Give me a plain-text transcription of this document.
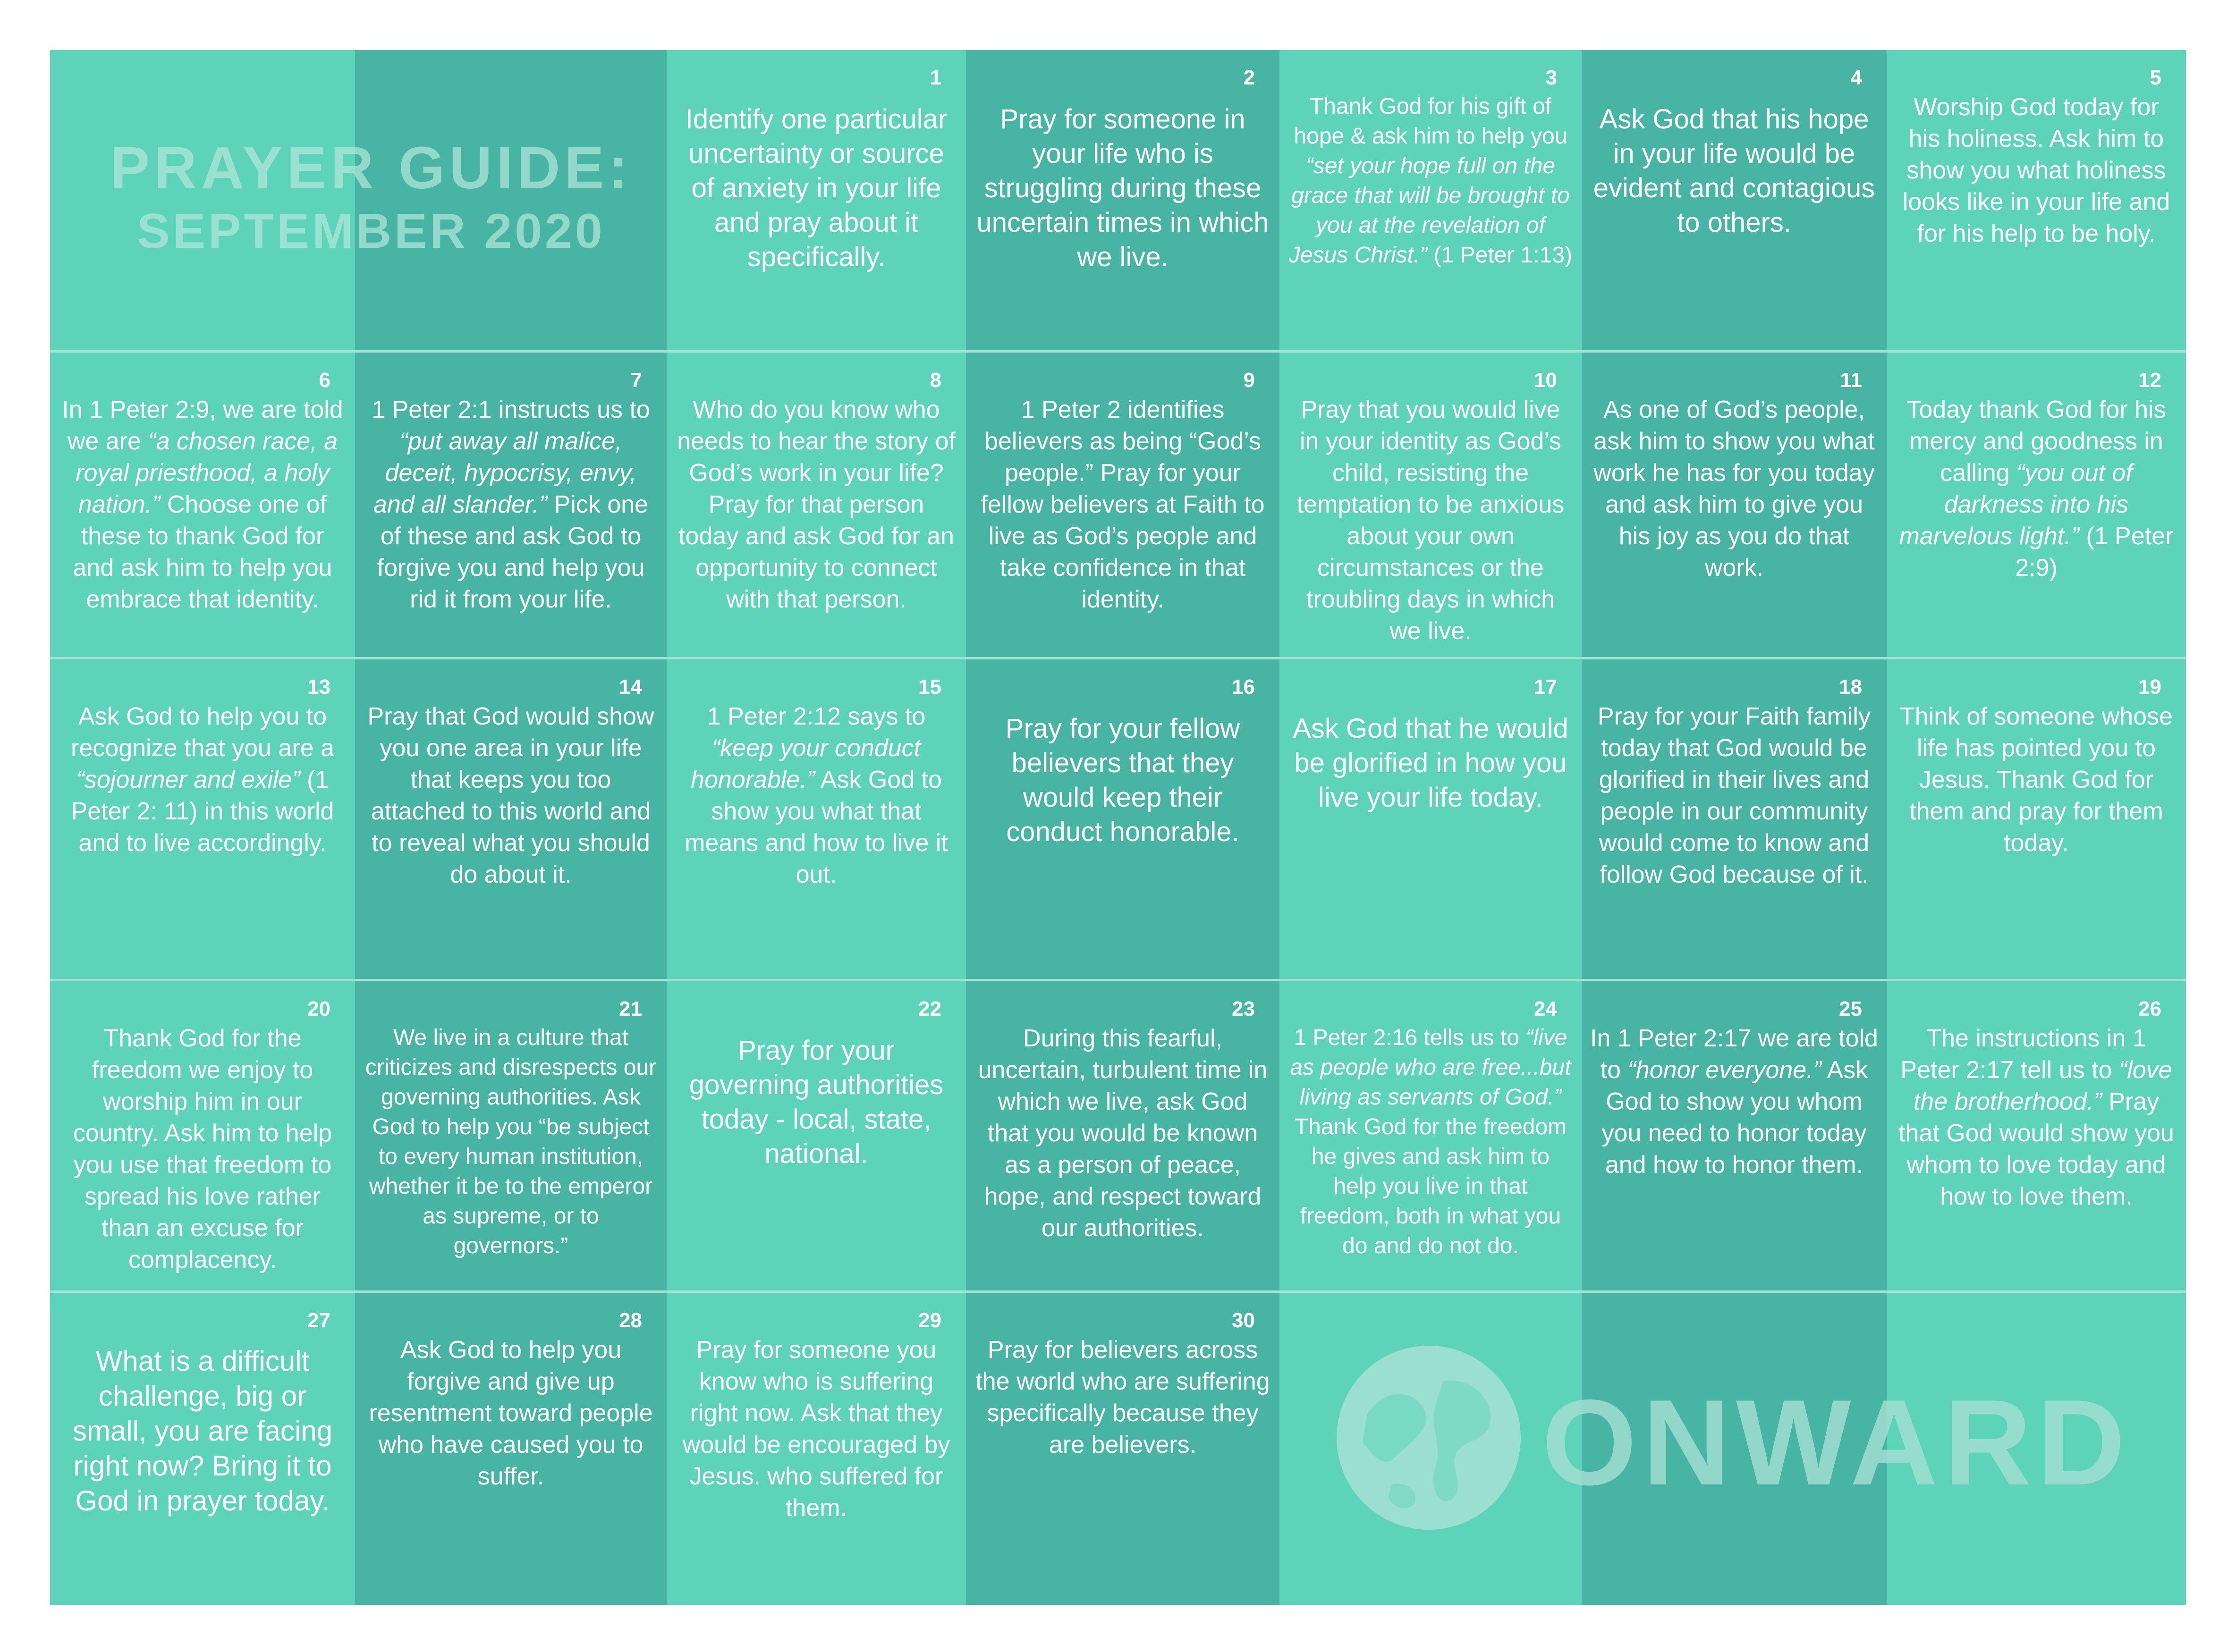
PRAYER GUIDE:
SEPTEMBER 2020
ONWARD
1
Identify one particular uncertainty or source of anxiety in your life and pray about it specifically.
2
Pray for someone in your life who is struggling during these uncertain times in which we live.
3
Thank God for his gift of hope & ask him to help you “set your hope full on the grace that will be brought to you at the revelation of Jesus Christ.” (1 Peter 1:13)
4
Ask God that his hope in your life would be evident and contagious to others.
5
Worship God today for his holiness. Ask him to show you what holiness looks like in your life and for his help to be holy.
6
In 1 Peter 2:9, we are told we are “a chosen race, a royal priesthood, a holy nation.” Choose one of these to thank God for and ask him to help you embrace that identity.
7
1 Peter 2:1 instructs us to “put away all malice, deceit, hypocrisy, envy, and all slander.” Pick one of these and ask God to forgive you and help you rid it from your life.
8
Who do you know who needs to hear the story of God’s work in your life? Pray for that person today and ask God for an opportunity to connect with that person.
9
1 Peter 2 identifies believers as being “God’s people.” Pray for your fellow believers at Faith to live as God’s people and take confidence in that identity.
10
Pray that you would live in your identity as God’s child, resisting the temptation to be anxious about your own circumstances or the troubling days in which we live.
11
As one of God’s people, ask him to show you what work he has for you today and ask him to give you his joy as you do that work.
12
Today thank God for his mercy and goodness in calling “you out of darkness into his marvelous light.” (1 Peter 2:9)
13
Ask God to help you to recognize that you are a “sojourner and exile” (1 Peter 2: 11) in this world and to live accordingly.
14
Pray that God would show you one area in your life that keeps you too attached to this world and to reveal what you should do about it.
15
1 Peter 2:12 says to “keep your conduct honorable.” Ask God to show you what that means and how to live it out.
16
Pray for your fellow believers that they would keep their conduct honorable.
17
Ask God that he would be glorified in how you live your life today.
18
Pray for your Faith family today that God would be glorified in their lives and people in our community would come to know and follow God because of it.
19
Think of someone whose life has pointed you to Jesus. Thank God for them and pray for them today.
20
Thank God for the freedom we enjoy to worship him in our country. Ask him to help you use that freedom to spread his love rather than an excuse for complacency.
21
We live in a culture that criticizes and disrespects our governing authorities. Ask God to help you “be subject to every human institution, whether it be to the emperor as supreme, or to governors.”
22
Pray for your governing authorities today - local, state, national.
23
During this fearful, uncertain, turbulent time in which we live, ask God that you would be known as a person of peace, hope, and respect toward our authorities.
24
1 Peter 2:16 tells us to “live as people who are free...but living as servants of God.” Thank God for the freedom he gives and ask him to help you live in that freedom, both in what you do and do not do.
25
In 1 Peter 2:17 we are told to “honor everyone.” Ask God to show you whom you need to honor today and how to honor them.
26
The instructions in 1 Peter 2:17 tell us to “love the brotherhood.” Pray that God would show you whom to love today and how to love them.
27
What is a difficult challenge, big or small, you are facing right now? Bring it to God in prayer today.
28
Ask God to help you forgive and give up resentment toward people who have caused you to suffer.
29
Pray for someone you know who is suffering right now. Ask that they would be encouraged by Jesus. who suffered for them.
30
Pray for believers across the world who are suffering specifically because they are believers.
